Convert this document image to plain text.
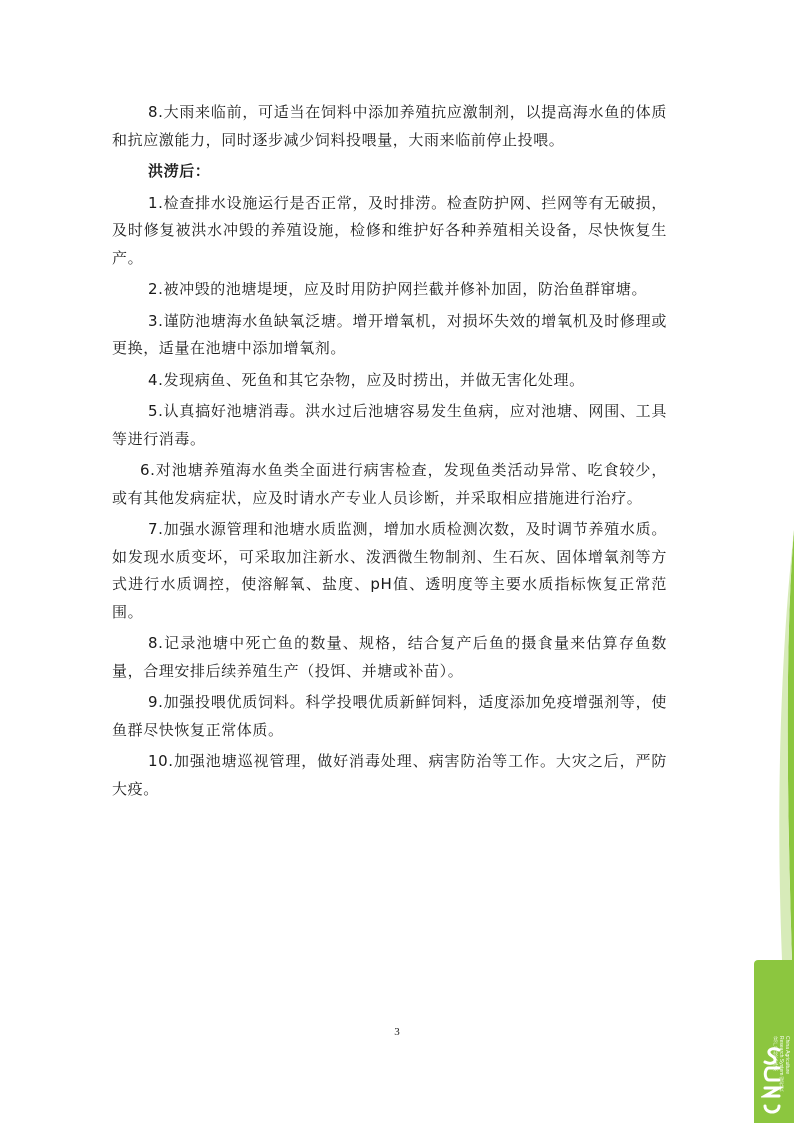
8.大雨来临前，可适当在饲料中添加养殖抗应激制剂，以提高海水鱼的体质和抗应激能力，同时逐步减少饲料投喂量，大雨来临前停止投喂。

洪涝后：

1.检查排水设施运行是否正常，及时排涝。检查防护网、拦网等有无破损，及时修复被洪水冲毁的养殖设施，检修和维护好各种养殖相关设备，尽快恢复生产。

2.被冲毁的池塘堤埂，应及时用防护网拦截并修补加固，防治鱼群窜塘。

3.谨防池塘海水鱼缺氧泛塘。增开增氧机，对损坏失效的增氧机及时修理或更换，适量在池塘中添加增氧剂。

4.发现病鱼、死鱼和其它杂物，应及时捞出，并做无害化处理。

5.认真搞好池塘消毒。洪水过后池塘容易发生鱼病，应对池塘、网围、工具等进行消毒。

6.对池塘养殖海水鱼类全面进行病害检查，发现鱼类活动异常、吃食较少，或有其他发病症状，应及时请水产专业人员诊断，并采取相应措施进行治疗。

7.加强水源管理和池塘水质监测，增加水质检测次数，及时调节养殖水质。如发现水质变坏，可采取加注新水、泼洒微生物制剂、生石灰、固体增氧剂等方式进行水质调控，使溶解氧、盐度、pH值、透明度等主要水质指标恢复正常范围。

8.记录池塘中死亡鱼的数量、规格，结合复产后鱼的摄食量来估算存鱼数量，合理安排后续养殖生产（投饵、并塘或补苗）。

9.加强投喂优质饲料。科学投喂优质新鲜饲料，适度添加免疫增强剂等，使鱼群尽快恢复正常体质。

10.加强池塘巡视管理，做好消毒处理、病害防治等工作。大灾之后，严防大疫。

3
China Agriculture Research System 现代农业产业技术体系
